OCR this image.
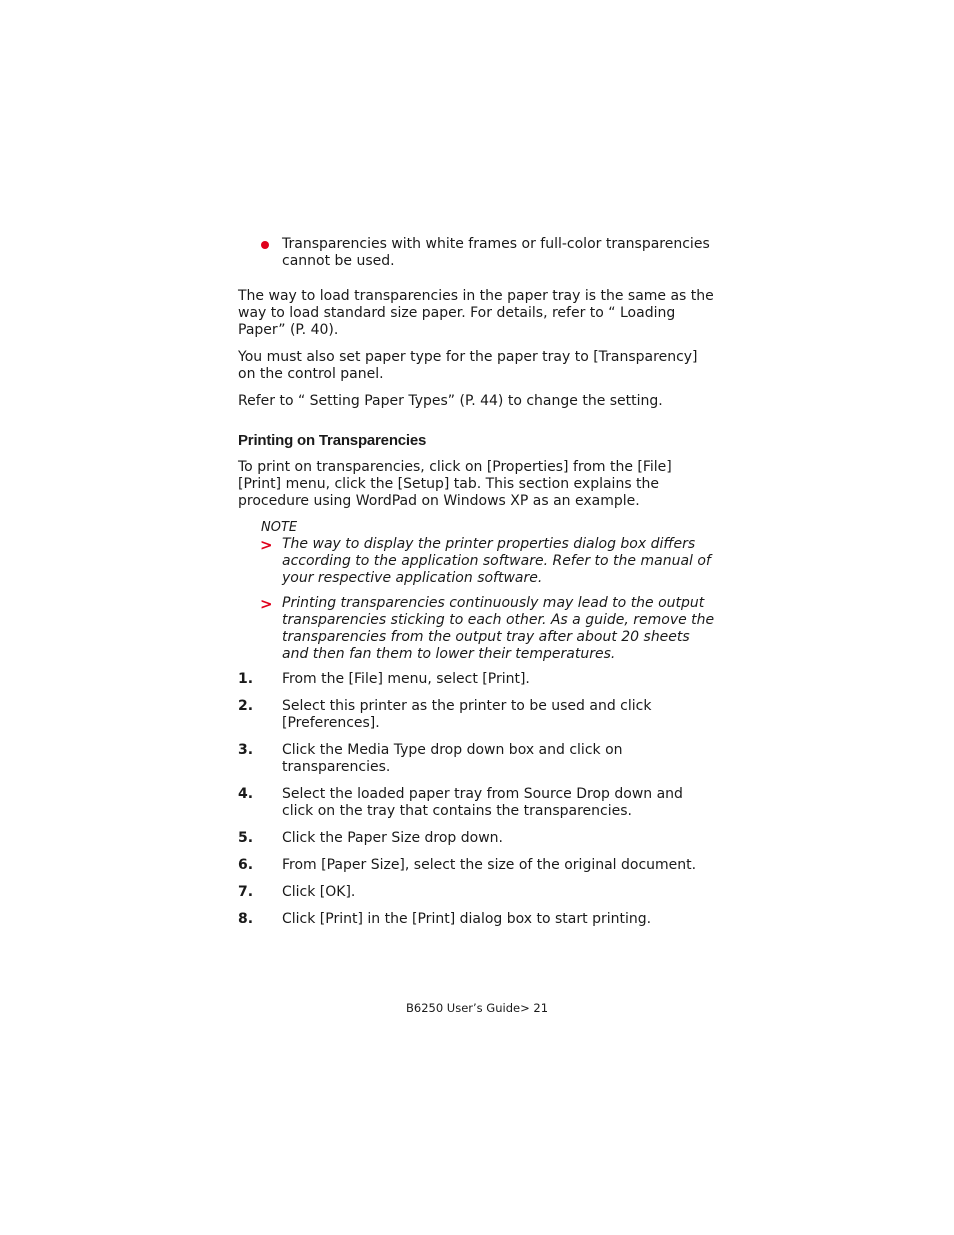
Transparencies with white frames or full-color transparencies cannot be used.

The way to load transparencies in the paper tray is the same as the way to load standard size paper. For details, refer to “ Loading Paper” (P. 40).

You must also set paper type for the paper tray to [Transparency] on the control panel.

Refer to “ Setting Paper Types” (P. 44) to change the setting.

Printing on Transparencies

To print on transparencies, click on [Properties] from the [File] [Print] menu, click the [Setup] tab. This section explains the procedure using WordPad on Windows XP as an example.

NOTE
> The way to display the printer properties dialog box differs according to the application software. Refer to the manual of your respective application software.

> Printing transparencies continuously may lead to the output transparencies sticking to each other. As a guide, remove the transparencies from the output tray after about 20 sheets and then fan them to lower their temperatures.

1. From the [File] menu, select [Print].

2. Select this printer as the printer to be used and click [Preferences].

3. Click the Media Type drop down box and click on transparencies.

4. Select the loaded paper tray from Source Drop down and click on the tray that contains the transparencies.

5. Click the Paper Size drop down.

6. From [Paper Size], select the size of the original document.

7. Click [OK].

8. Click [Print] in the [Print] dialog box to start printing.

B6250 User’s Guide> 21
